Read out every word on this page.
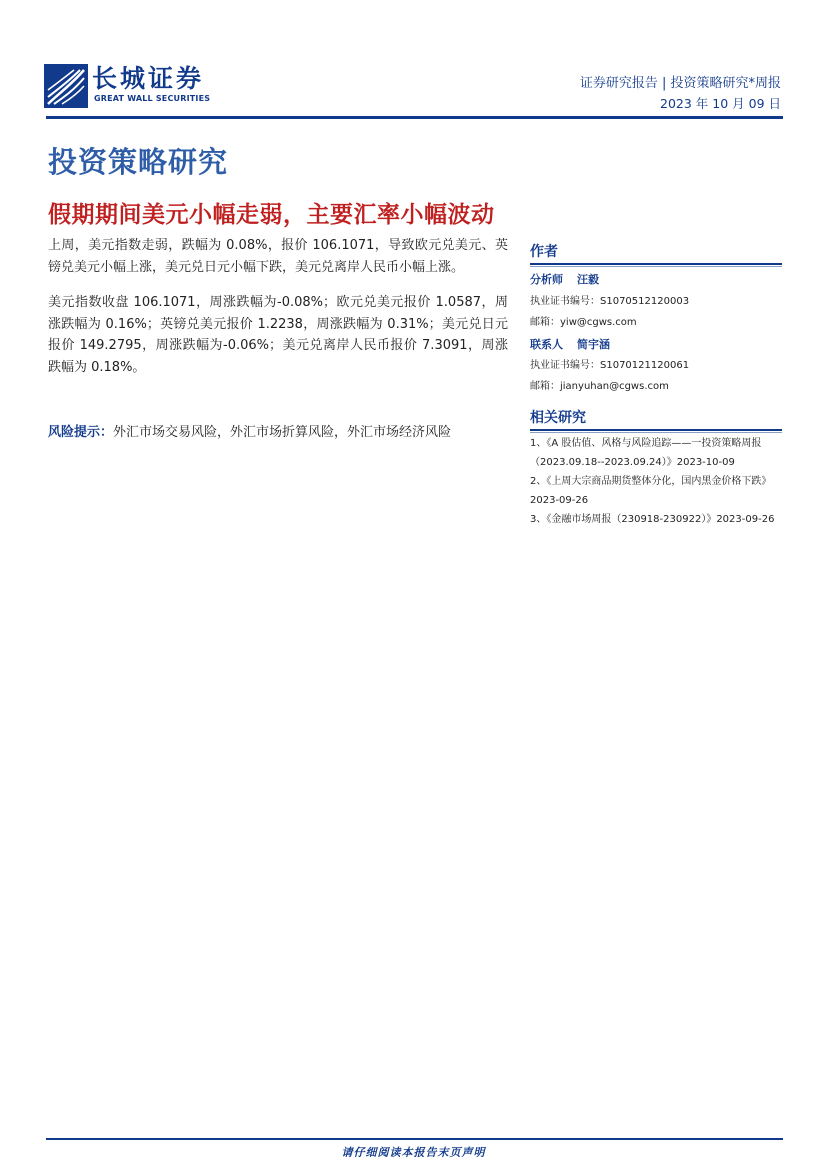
长城证券
GREAT WALL SECURITIES
证券研究报告 | 投资策略研究*周报
2023 年 10 月 09 日
投资策略研究
假期期间美元小幅走弱，主要汇率小幅波动
上周，美元指数走弱，跌幅为 0.08%，报价 106.1071，导致欧元兑美元、英镑兑美元小幅上涨，美元兑日元小幅下跌，美元兑离岸人民币小幅上涨。
美元指数收盘 106.1071，周涨跌幅为-0.08%；欧元兑美元报价 1.0587，周涨跌幅为 0.16%；英镑兑美元报价 1.2238，周涨跌幅为 0.31%；美元兑日元报价 149.2795，周涨跌幅为-0.06%；美元兑离岸人民币报价 7.3091，周涨跌幅为 0.18%。
风险提示：外汇市场交易风险，外汇市场折算风险，外汇市场经济风险
作者
分析师 汪毅
执业证书编号：S1070512120003
邮箱：yiw@cgws.com
联系人 简宇涵
执业证书编号：S1070121120061
邮箱：jianyuhan@cgws.com
相关研究
1、《A 股估值、风格与风险追踪——一投资策略周报（2023.09.18--2023.09.24）》2023-10-09
2、《上周大宗商品期货整体分化，国内黑金价格下跌》2023-09-26
3、《金融市场周报（230918-230922）》2023-09-26
请仔细阅读本报告末页声明
